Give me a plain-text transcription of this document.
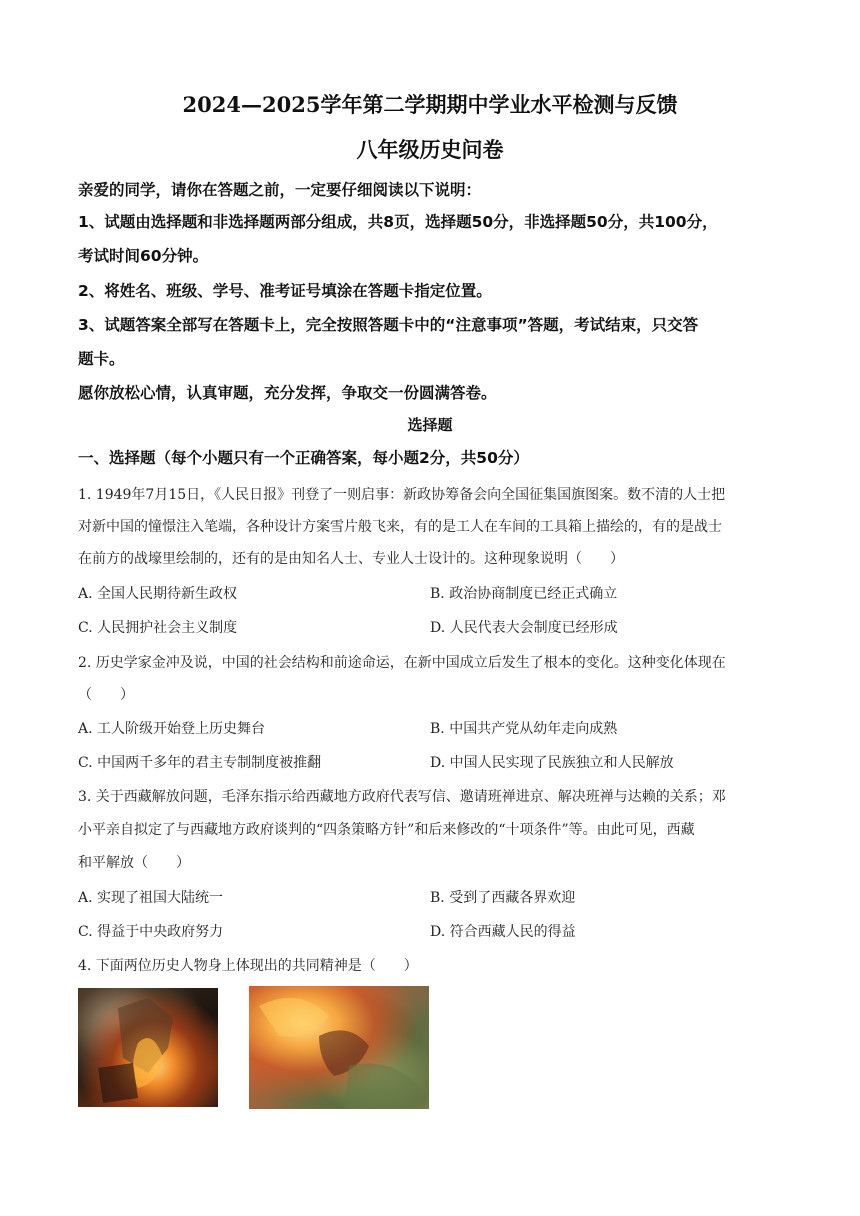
2024—2025学年第二学期期中学业水平检测与反馈
八年级历史问卷
亲爱的同学，请你在答题之前，一定要仔细阅读以下说明：
1、试题由选择题和非选择题两部分组成，共8页，选择题50分，非选择题50分，共100分，
考试时间60分钟。
2、将姓名、班级、学号、准考证号填涂在答题卡指定位置。
3、试题答案全部写在答题卡上，完全按照答题卡中的“注意事项”答题，考试结束，只交答
题卡。
愿你放松心情，认真审题，充分发挥，争取交一份圆满答卷。
选择题
一、选择题（每个小题只有一个正确答案，每小题2分，共50分）
1. 1949年7月15日，《人民日报》刊登了一则启事：新政协筹备会向全国征集国旗图案。数不清的人士把
对新中国的憧憬注入笔端，各种设计方案雪片般飞来，有的是工人在车间的工具箱上描绘的，有的是战士
在前方的战壕里绘制的，还有的是由知名人士、专业人士设计的。这种现象说明（　　）
A. 全国人民期待新生政权	B. 政治协商制度已经正式确立
C. 人民拥护社会主义制度	D. 人民代表大会制度已经形成
2. 历史学家金冲及说，中国的社会结构和前途命运，在新中国成立后发生了根本的变化。这种变化体现在
（　　）
A. 工人阶级开始登上历史舞台	B. 中国共产党从幼年走向成熟
C. 中国两千多年的君主专制制度被推翻	D. 中国人民实现了民族独立和人民解放
3. 关于西藏解放问题，毛泽东指示给西藏地方政府代表写信、邀请班禅进京、解决班禅与达赖的关系；邓
小平亲自拟定了与西藏地方政府谈判的“四条策略方针”和后来修改的“十项条件”等。由此可见，西藏
和平解放（　　）
A. 实现了祖国大陆统一	B. 受到了西藏各界欢迎
C. 得益于中央政府努力	D. 符合西藏人民的得益
4. 下面两位历史人物身上体现出的共同精神是（　　）
